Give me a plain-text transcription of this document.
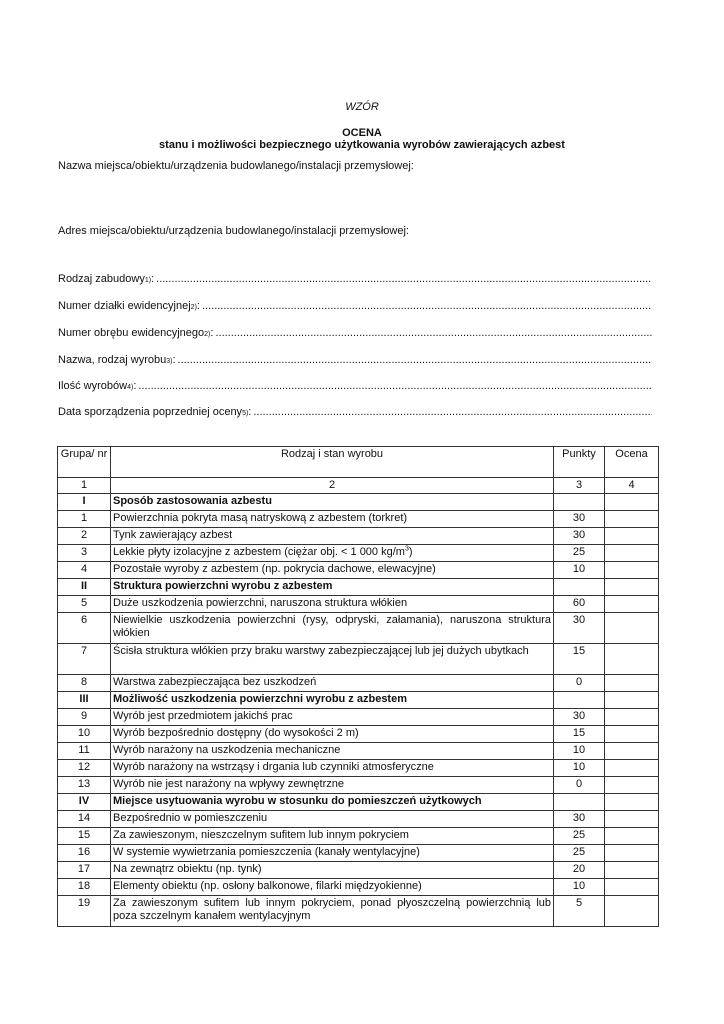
WZÓR
OCENA
stanu i możliwości bezpiecznego użytkowania wyrobów zawierających azbest
Nazwa miejsca/obiektu/urządzenia budowlanego/instalacji przemysłowej:
Adres miejsca/obiektu/urządzenia budowlanego/instalacji przemysłowej:
Rodzaj zabudowy 1) :
.....
Numer działki ewidencyjnej 2) :
.....
Numer obrębu ewidencyjnego 2) :
.....
Nazwa, rodzaj wyrobu 3) :
.....
Ilość wyrobów 4) :
.....
Data sporządzenia poprzedniej oceny 5) :
.....
Grupa/ nr	Rodzaj i stan wyrobu	Punkty	Ocena
1	2	3	4
I	Sposób zastosowania azbestu		
1	Powierzchnia pokryta masą natryskową z azbestem (torkret)	30	
2	Tynk zawierający azbest	30	
3	Lekkie płyty izolacyjne z azbestem (ciężar obj. < 1 000 $kg/m^3$)	25	
4	Pozostałe wyroby z azbestem (np. pokrycia dachowe, elewacyjne)	10	
II	Struktura powierzchni wyrobu z azbestem		
5	Duże uszkodzenia powierzchni, naruszona struktura włókien	60	
6	Niewielkie uszkodzenia powierzchni (rysy, odpryski, załamania), naruszona struktura włókien	30	
7	Ścisła struktura włókien przy braku warstwy zabezpieczającej lub jej dużych ubytkach	15	
8	Warstwa zabezpieczająca bez uszkodzeń	0	
III	Możliwość uszkodzenia powierzchni wyrobu z azbestem		
9	Wyrób jest przedmiotem jakichś prac	30	
10	Wyrób bezpośrednio dostępny (do wysokości 2 m)	15	
11	Wyrób narażony na uszkodzenia mechaniczne	10	
12	Wyrób narażony na wstrząsy i drgania lub czynniki atmosferyczne	10	
13	Wyrób nie jest narażony na wpływy zewnętrzne	0	
IV	Miejsce usytuowania wyrobu w stosunku do pomieszczeń użytkowych		
14	Bezpośrednio w pomieszczeniu	30	
15	Za zawieszonym, nieszczelnym sufitem lub innym pokryciem	25	
16	W systemie wywietrzania pomieszczenia (kanały wentylacyjne)	25	
17	Na zewnątrz obiektu (np. tynk)	20	
18	Elementy obiektu (np. osłony balkonowe, filarki międzyokienne)	10	
19	Za zawieszonym sufitem lub innym pokryciem, ponad płyoszczelną powierzchnią lub poza szczelnym kanałem wentylacyjnym	5	
